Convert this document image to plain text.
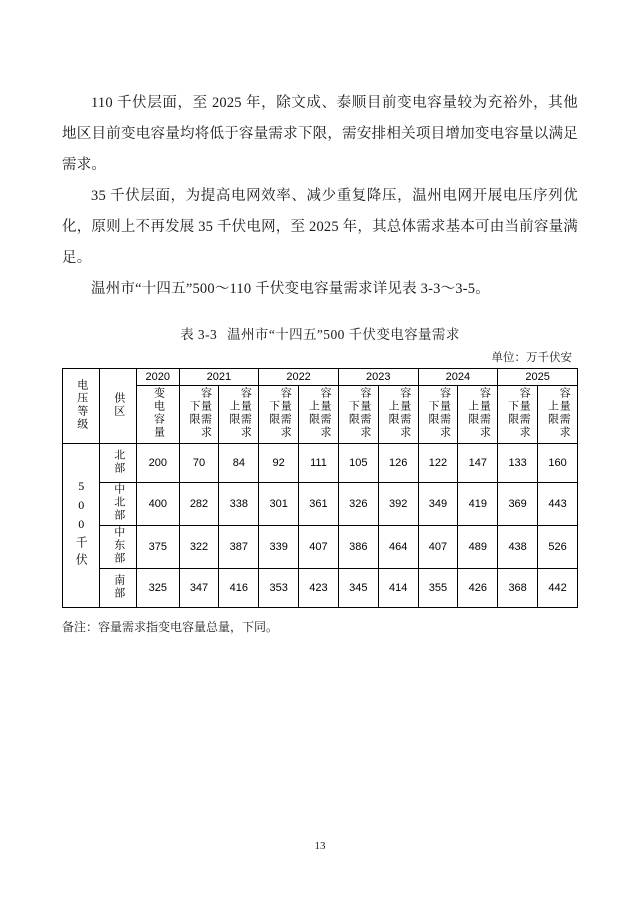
110 千伏层面，至 2025 年，除文成、泰顺目前变电容量较为充裕外，其他地区目前变电容量均将低于容量需求下限，需安排相关项目增加变电容量以满足需求。

35 千伏层面，为提高电网效率、减少重复降压，温州电网开展电压序列优化，原则上不再发展 35 千伏电网，至 2025 年，其总体需求基本可由当前容量满足。

温州市“十四五”500～110 千伏变电容量需求详见表 3-3～3-5。

表 3-3 温州市“十四五”500 千伏变电容量需求
单位：万千伏安
电压等级	供区	2020	2021		2022		2023		2024		2025	
		变电容量	容量需求下限	容量需求上限	容量需求下限	容量需求上限	容量需求下限	容量需求上限	容量需求下限	容量需求上限	容量需求下限	容量需求上限
500千伏	北部	200	70	84	92	111	105	126	122	147	133	160
	中北部	400	282	338	301	361	326	392	349	419	369	443
	中东部	375	322	387	339	407	386	464	407	489	438	526
	南部	325	347	416	353	423	345	414	355	426	368	442
备注：容量需求指变电容量总量，下同。
13
